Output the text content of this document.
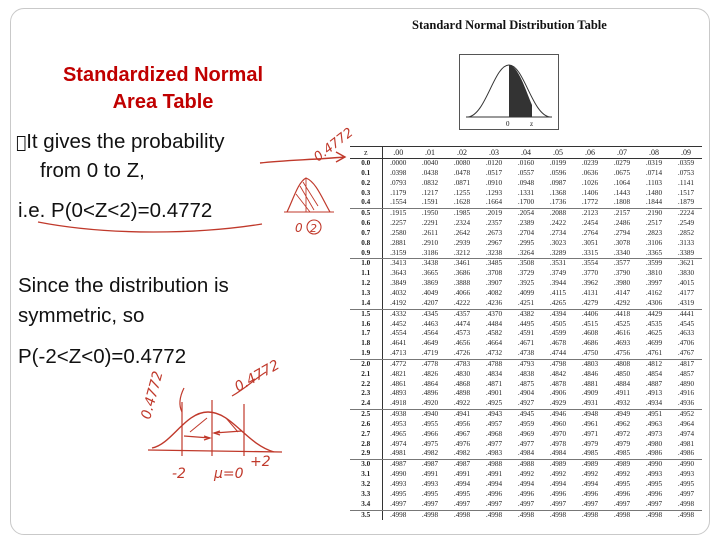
Standardized Normal
Area Table
It gives the probability
from 0 to Z,
i.e. P(0<Z<2)=0.4772
Since the distribution is
symmetric, so
P(-2<Z<0)=0.4772
Standard Normal Distribution Table
0	z
z	.00	.01	.02	.03	.04	.05	.06	.07	.08	.09
0.0	.0000	.0040	.0080	.0120	.0160	.0199	.0239	.0279	.0319	.0359
0.1	.0398	.0438	.0478	.0517	.0557	.0596	.0636	.0675	.0714	.0753
0.2	.0793	.0832	.0871	.0910	.0948	.0987	.1026	.1064	.1103	.1141
0.3	.1179	.1217	.1255	.1293	.1331	.1368	.1406	.1443	.1480	.1517
0.4	.1554	.1591	.1628	.1664	.1700	.1736	.1772	.1808	.1844	.1879
0.5	.1915	.1950	.1985	.2019	.2054	.2088	.2123	.2157	.2190	.2224
0.6	.2257	.2291	.2324	.2357	.2389	.2422	.2454	.2486	.2517	.2549
0.7	.2580	.2611	.2642	.2673	.2704	.2734	.2764	.2794	.2823	.2852
0.8	.2881	.2910	.2939	.2967	.2995	.3023	.3051	.3078	.3106	.3133
0.9	.3159	.3186	.3212	.3238	.3264	.3289	.3315	.3340	.3365	.3389
1.0	.3413	.3438	.3461	.3485	.3508	.3531	.3554	.3577	.3599	.3621
1.1	.3643	.3665	.3686	.3708	.3729	.3749	.3770	.3790	.3810	.3830
1.2	.3849	.3869	.3888	.3907	.3925	.3944	.3962	.3980	.3997	.4015
1.3	.4032	.4049	.4066	.4082	.4099	.4115	.4131	.4147	.4162	.4177
1.4	.4192	.4207	.4222	.4236	.4251	.4265	.4279	.4292	.4306	.4319
1.5	.4332	.4345	.4357	.4370	.4382	.4394	.4406	.4418	.4429	.4441
1.6	.4452	.4463	.4474	.4484	.4495	.4505	.4515	.4525	.4535	.4545
1.7	.4554	.4564	.4573	.4582	.4591	.4599	.4608	.4616	.4625	.4633
1.8	.4641	.4649	.4656	.4664	.4671	.4678	.4686	.4693	.4699	.4706
1.9	.4713	.4719	.4726	.4732	.4738	.4744	.4750	.4756	.4761	.4767
2.0	.4772	.4778	.4783	.4788	.4793	.4798	.4803	.4808	.4812	.4817
2.1	.4821	.4826	.4830	.4834	.4838	.4842	.4846	.4850	.4854	.4857
2.2	.4861	.4864	.4868	.4871	.4875	.4878	.4881	.4884	.4887	.4890
2.3	.4893	.4896	.4898	.4901	.4904	.4906	.4909	.4911	.4913	.4916
2.4	.4918	.4920	.4922	.4925	.4927	.4929	.4931	.4932	.4934	.4936
2.5	.4938	.4940	.4941	.4943	.4945	.4946	.4948	.4949	.4951	.4952
2.6	.4953	.4955	.4956	.4957	.4959	.4960	.4961	.4962	.4963	.4964
2.7	.4965	.4966	.4967	.4968	.4969	.4970	.4971	.4972	.4973	.4974
2.8	.4974	.4975	.4976	.4977	.4977	.4978	.4979	.4979	.4980	.4981
2.9	.4981	.4982	.4982	.4983	.4984	.4984	.4985	.4985	.4986	.4986
3.0	.4987	.4987	.4987	.4988	.4988	.4989	.4989	.4989	.4990	.4990
3.1	.4990	.4991	.4991	.4991	.4992	.4992	.4992	.4992	.4993	.4993
3.2	.4993	.4993	.4994	.4994	.4994	.4994	.4994	.4995	.4995	.4995
3.3	.4995	.4995	.4995	.4996	.4996	.4996	.4996	.4996	.4996	.4997
3.4	.4997	.4997	.4997	.4997	.4997	.4997	.4997	.4997	.4997	.4998
3.5	.4998	.4998	.4998	.4998	.4998	.4998	.4998	.4998	.4998	.4998
0.4772
0 2
0.4772	0.4772
-2 μ=0
+2
